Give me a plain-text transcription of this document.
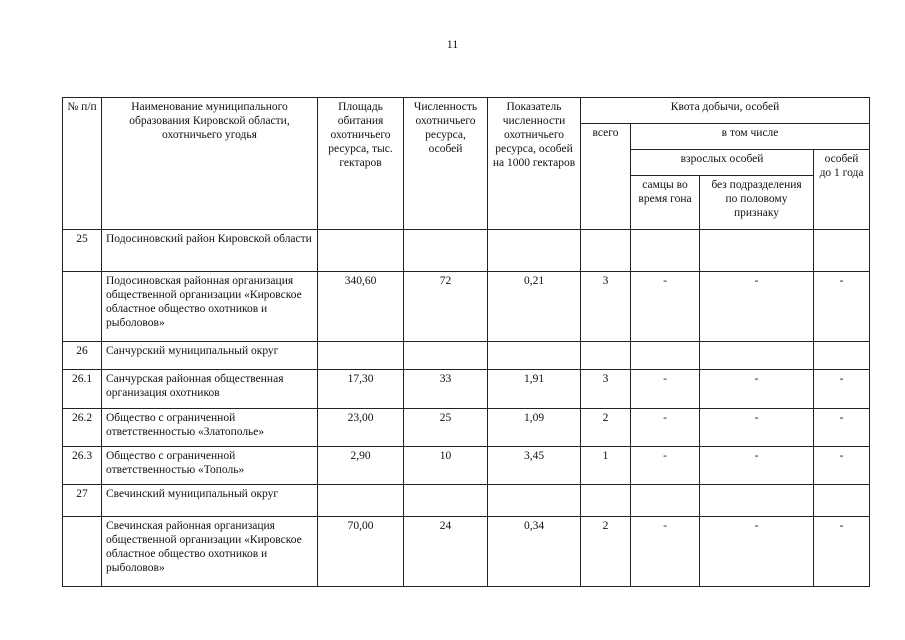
11
№ п/п	Наименование муниципального образования Кировской области, охотничьего угодья	Площадь обитания охотничьего ресурса, тыс. гектаров	Численность охотничьего ресурса, особей	Показатель численности охотничьего ресурса, особей на 1000 гектаров	Квота добычи, особей			
					всего	в том числе		
						взрослых особей		особей до 1 года
						самцы во время гона	без подразделения по половому признаку	
25	Подосиновский район Кировской области							
	Подосиновская районная организация общественной организации «Кировское областное общество охотников и рыболовов»	340,60	72	0,21	3	-	-	-
26	Санчурский муниципальный округ							
26.1	Санчурская районная общественная организация охотников	17,30	33	1,91	3	-	-	-
26.2	Общество с ограниченной ответственностью «Златополье»	23,00	25	1,09	2	-	-	-
26.3	Общество с ограниченной ответственностью «Тополь»	2,90	10	3,45	1	-	-	-
27	Свечинский муниципальный округ							
	Свечинская районная организация общественной организации «Кировское областное общество охотников и рыболовов»	70,00	24	0,34	2	-	-	-
